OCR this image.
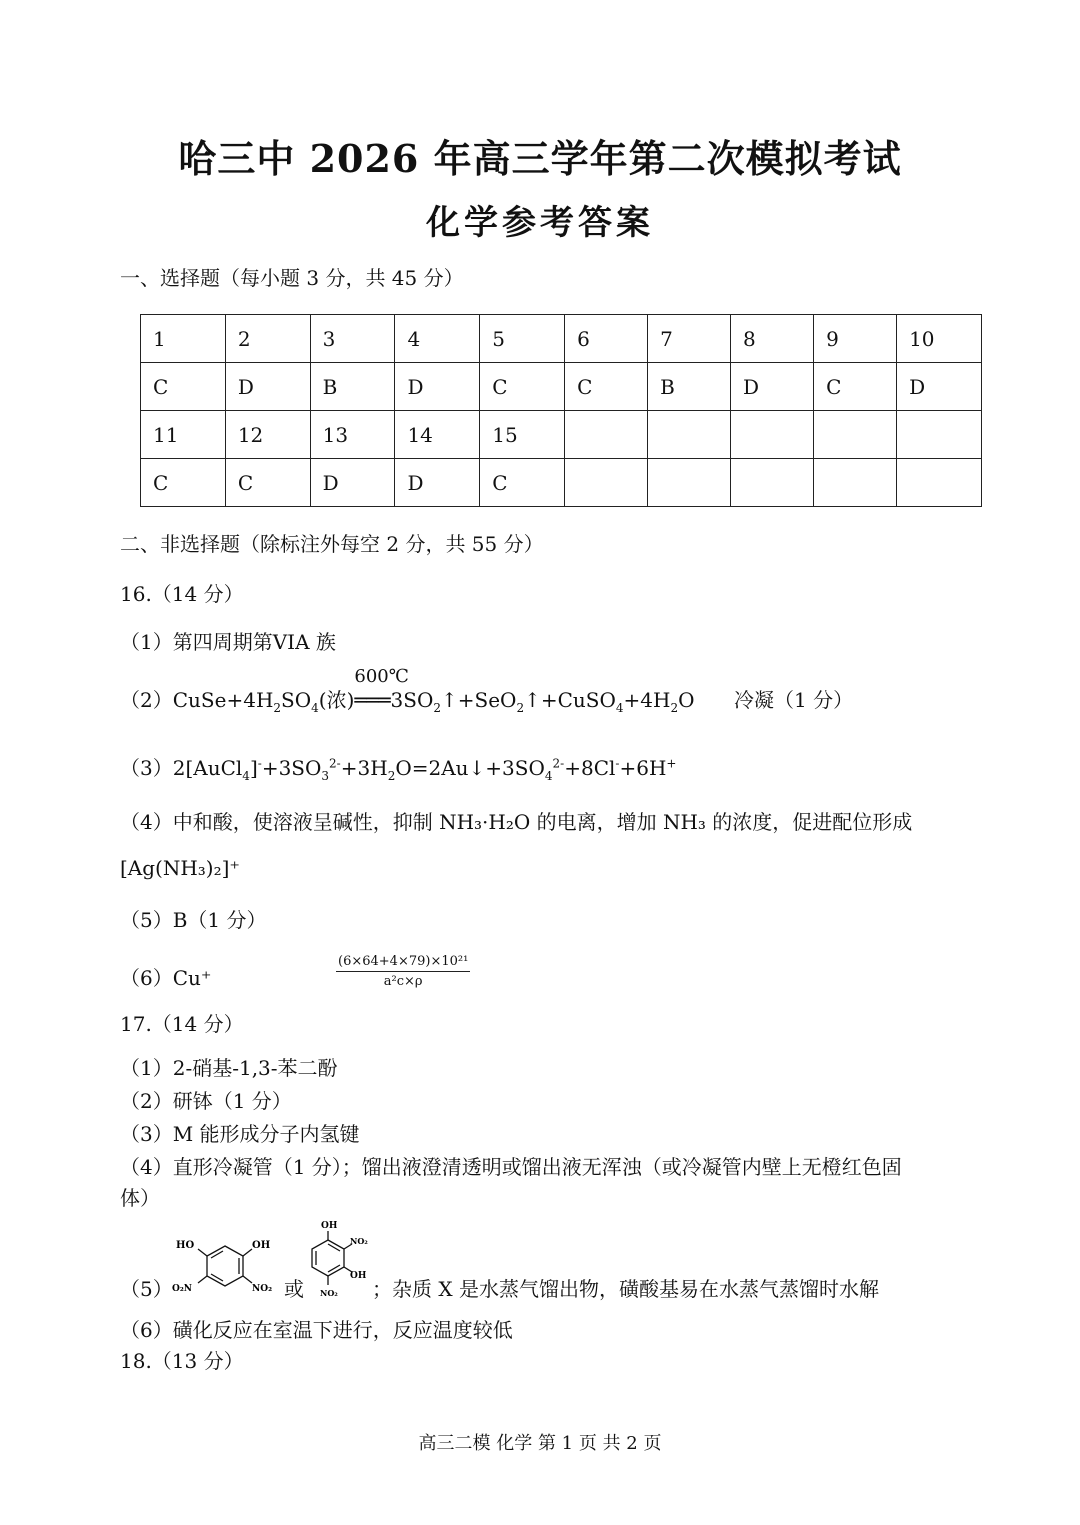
哈三中 2026 年高三学年第二次模拟考试
化学参考答案
一、选择题（每小题 3 分，共 45 分）
1	2	3	4	5	6	7	8	9	10
C	D	B	D	C	C	B	D	C	D
11	12	13	14	15					
C	C	D	D	C					
二、非选择题（除标注外每空 2 分，共 55 分）
16.（14 分）
（1）第四周期第VIA 族
$(2)CuSe+4H_2SO_4$(浓)
600℃
$═══3SO_2↑+SeO_2↑+CuSO_4+4H_2O$ 冷凝（1 分）
$(3)2[AuCl_4]^-+3SO_3^{2-}+3H_2O=2Au↓+3SO_4^{2-}+8Cl^-+6H^+$
（4）中和酸，使溶液呈碱性，抑制 NH₃·H₂O 的电离，增加 NH₃ 的浓度，促进配位形成
[Ag(NH₃)₂]⁺
（5）B（1 分）
（6）Cu⁺	$\frac{\text{(6×64+4×79)×10²¹}}{\text{a²c×ρ}}$
17.（14 分）
（1）2-硝基-1,3-苯二酚
（2）研钵（1 分）
（3）M 能形成分子内氢键
（4）直形冷凝管（1 分）；馏出液澄清透明或馏出液无浑浊（或冷凝管内壁上无橙红色固
体）
（5）
HO	OH
O₂N	NO₂ 或
OH
NO₂
OH
NO₂ ；杂质 X 是水蒸气馏出物，磺酸基易在水蒸气蒸馏时水解
（6）磺化反应在室温下进行，反应温度较低
18.（13 分）
高三二模 化学 第 1 页 共 2 页
